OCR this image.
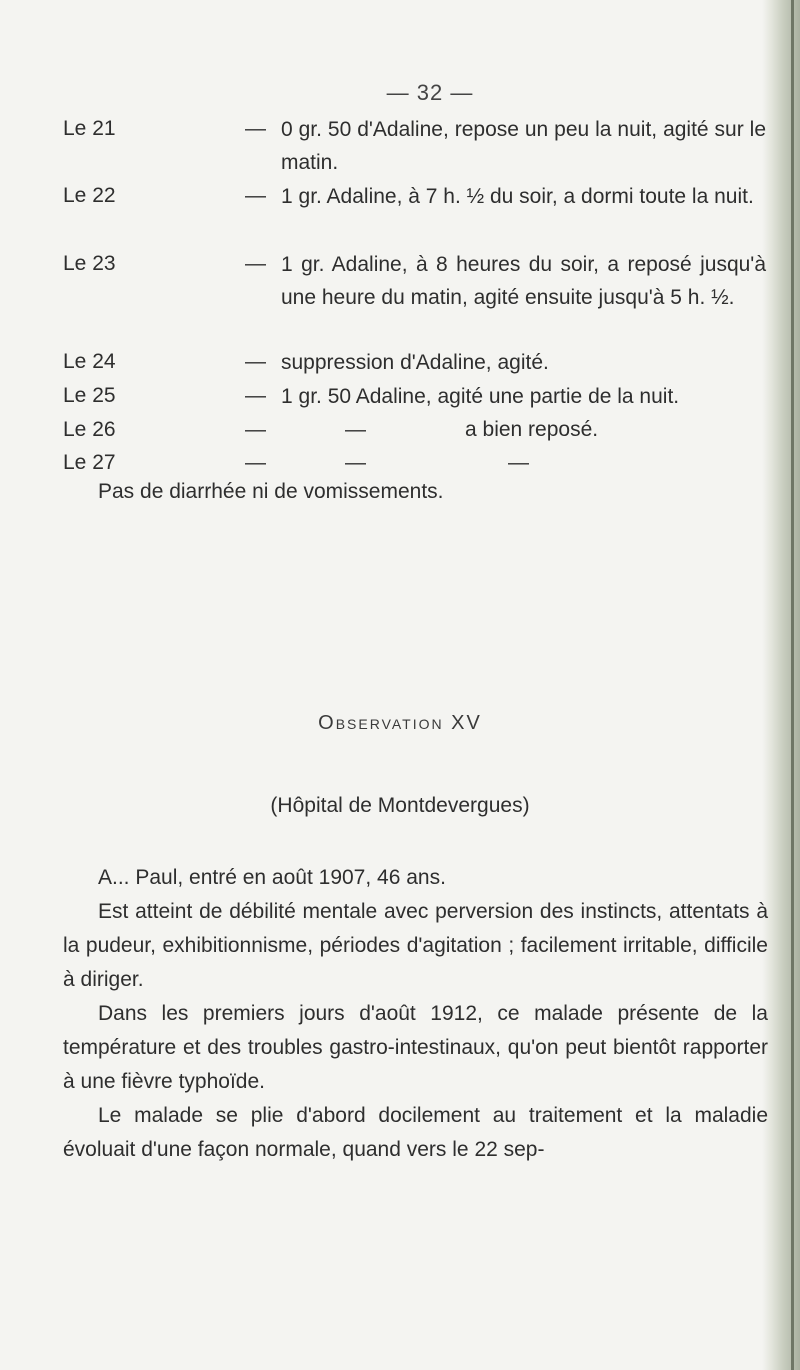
— 32 —
Le 21	— 0 gr. 50 d'Adaline, repose un peu la nuit, agité sur le matin.
Le 22	— 1 gr. Adaline, à 7 h. ½ du soir, a dormi toute la nuit.
Le 23	— 1 gr. Adaline, à 8 heures du soir, a reposé jusqu'à une heure du matin, agité ensuite jusqu'à 5 h. ½.
Le 24	— suppression d'Adaline, agité.
Le 25	— 1 gr. 50 Adaline, agité une partie de la nuit.
Le 26	—	—	a bien reposé.
Le 27	—	—	—
Pas de diarrhée ni de vomissements.
Observation XV
(Hôpital de Montdevergues)

A... Paul, entré en août 1907, 46 ans.

Est atteint de débilité mentale avec perversion des instincts, attentats à la pudeur, exhibitionnisme, périodes d'agitation ; facilement irritable, difficile à diriger.

Dans les premiers jours d'août 1912, ce malade présente de la température et des troubles gastro-intestinaux, qu'on peut bientôt rapporter à une fièvre typhoïde.

Le malade se plie d'abord docilement au traitement et la maladie évoluait d'une façon normale, quand vers le 22 sep-
